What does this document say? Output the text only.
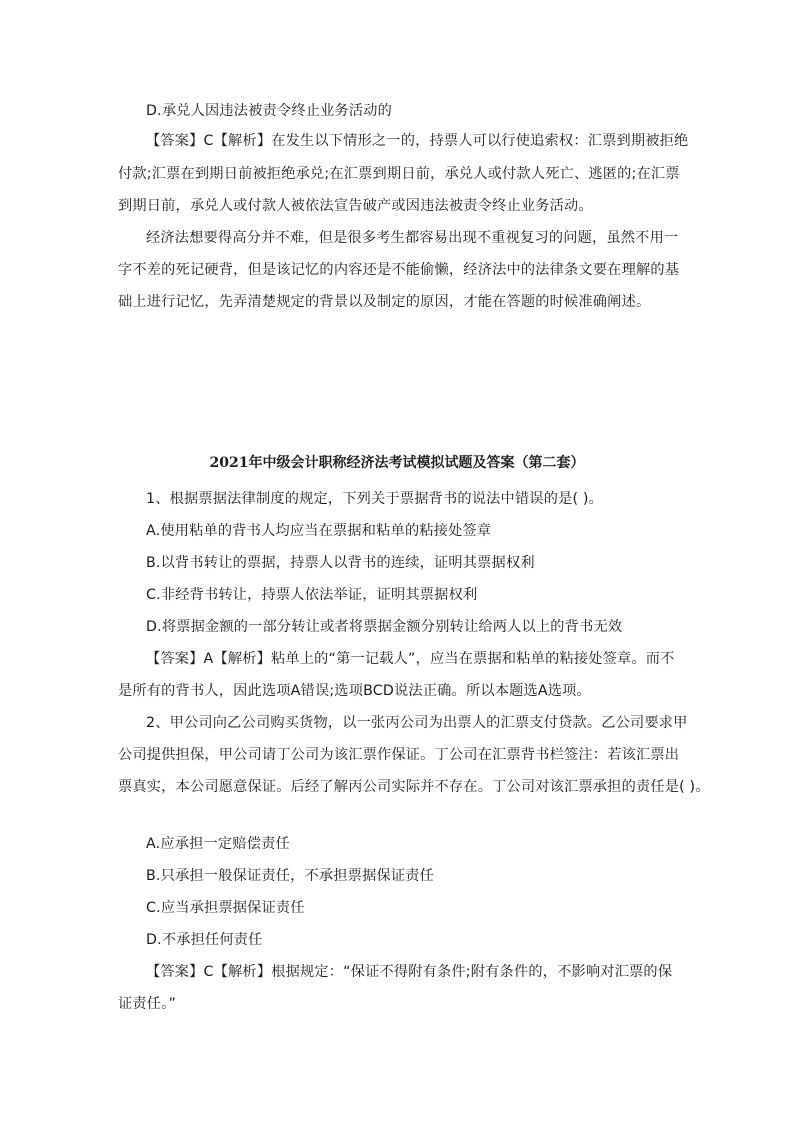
D.承兑人因违法被责令终止业务活动的
【答案】C【解析】在发生以下情形之一的，持票人可以行使追索权：汇票到期被拒绝
付款;汇票在到期日前被拒绝承兑;在汇票到期日前，承兑人或付款人死亡、逃匿的;在汇票
到期日前，承兑人或付款人被依法宣告破产或因违法被责令终止业务活动。
经济法想要得高分并不难，但是很多考生都容易出现不重视复习的问题，虽然不用一
字不差的死记硬背，但是该记忆的内容还是不能偷懒，经济法中的法律条文要在理解的基
础上进行记忆，先弄清楚规定的背景以及制定的原因，才能在答题的时候准确阐述。
2021年中级会计职称经济法考试模拟试题及答案（第二套）
1、根据票据法律制度的规定，下列关于票据背书的说法中错误的是( )。
A.使用粘单的背书人均应当在票据和粘单的粘接处签章
B.以背书转让的票据，持票人以背书的连续，证明其票据权利
C.非经背书转让，持票人依法举证，证明其票据权利
D.将票据金额的一部分转让或者将票据金额分别转让给两人以上的背书无效
【答案】A【解析】粘单上的“第一记载人”，应当在票据和粘单的粘接处签章。而不
是所有的背书人，因此选项A错误;选项BCD说法正确。所以本题选A选项。
2、甲公司向乙公司购买货物，以一张丙公司为出票人的汇票支付贷款。乙公司要求甲
公司提供担保，甲公司请丁公司为该汇票作保证。丁公司在汇票背书栏签注：若该汇票出
票真实，本公司愿意保证。后经了解丙公司实际并不存在。丁公司对该汇票承担的责任是( )。
A.应承担一定赔偿责任
B.只承担一般保证责任，不承担票据保证责任
C.应当承担票据保证责任
D.不承担任何责任
【答案】C【解析】根据规定：“保证不得附有条件;附有条件的，不影响对汇票的保
证责任。”
